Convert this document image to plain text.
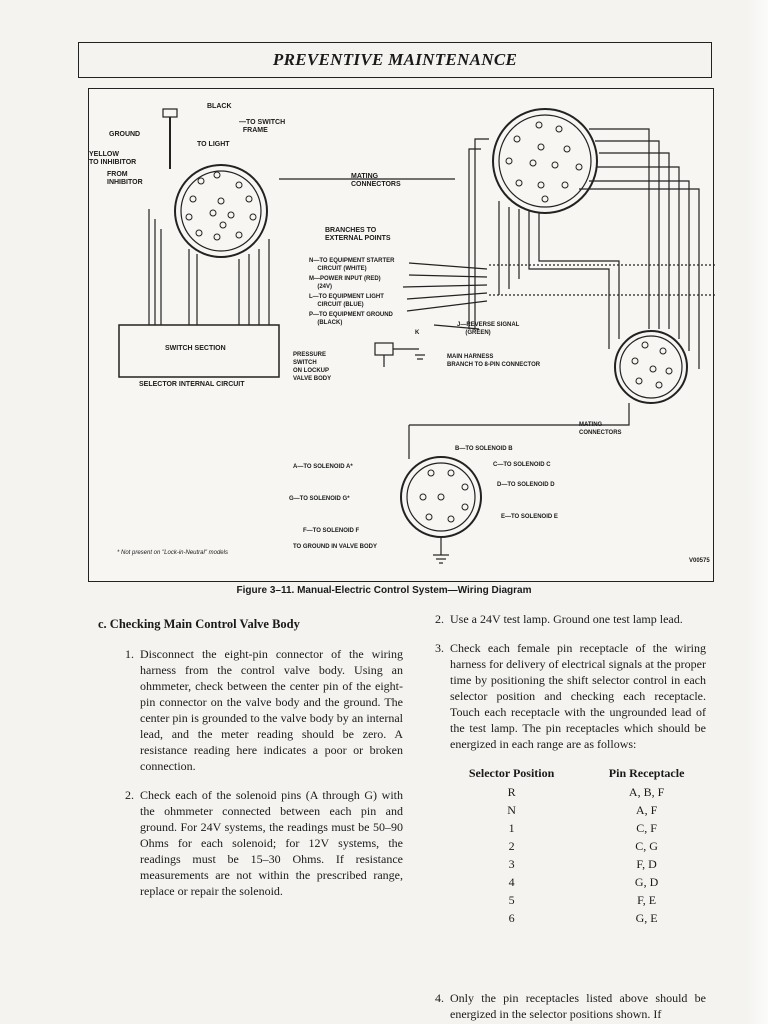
PREVENTIVE MAINTENANCE
BLACK
—TO SWITCH
FRAME
GROUND
TO LIGHT
YELLOW
TO INHIBITOR
FROM
INHIBITOR
MATING
CONNECTORS
BRANCHES TO
EXTERNAL POINTS
N—TO EQUIPMENT STARTER
CIRCUIT (WHITE)
M—POWER INPUT (RED)
(24V)
L—TO EQUIPMENT LIGHT
CIRCUIT (BLUE)
P—TO EQUIPMENT GROUND
(BLACK)
K
J—REVERSE SIGNAL
(GREEN)
SWITCH SECTION
SELECTOR INTERNAL CIRCUIT
PRESSURE
SWITCH
ON LOCKUP
VALVE BODY
MAIN HARNESS
BRANCH TO 8-PIN CONNECTOR
MATING
CONNECTORS
B—TO SOLENOID B
C—TO SOLENOID C
D—TO SOLENOID D
E—TO SOLENOID E
A—TO SOLENOID A*
G—TO SOLENOID G*
F—TO SOLENOID F
TO GROUND IN VALVE BODY
* Not present on "Lock-in-Neutral" models
V00575
Figure 3–11. Manual-Electric Control System—Wiring Diagram
c. Checking Main Control Valve Body
1. Disconnect the eight-pin connector of the wiring harness from the control valve body. Using an ohmmeter, check between the center pin of the eight-pin connector on the valve body and the ground. The center pin is grounded to the valve body by an internal lead, and the meter reading should be zero. A resistance reading here indicates a poor or broken connection.
2. Check each of the solenoid pins (A through G) with the ohmmeter connected between each pin and ground. For 24V systems, the readings must be 50–90 Ohms for each solenoid; for 12V systems, the readings must be 15–30 Ohms. If resistance measurements are not within the prescribed range, replace or repair the solenoid.
2. Use a 24V test lamp. Ground one test lamp lead.
3. Check each female pin receptacle of the wiring harness for delivery of electrical signals at the proper time by positioning the shift selector control in each selector position and checking each receptacle. Touch each receptacle with the ungrounded lead of the test lamp. The pin receptacles which should be energized in each range are as follows:
Selector Position	Pin Receptacle
R	A, B, F
N	A, F
1	C, F
2	C, G
3	F, D
4	G, D
5	F, E
6	G, E
4. Only the pin receptacles listed above should be energized in the selector positions shown. If
